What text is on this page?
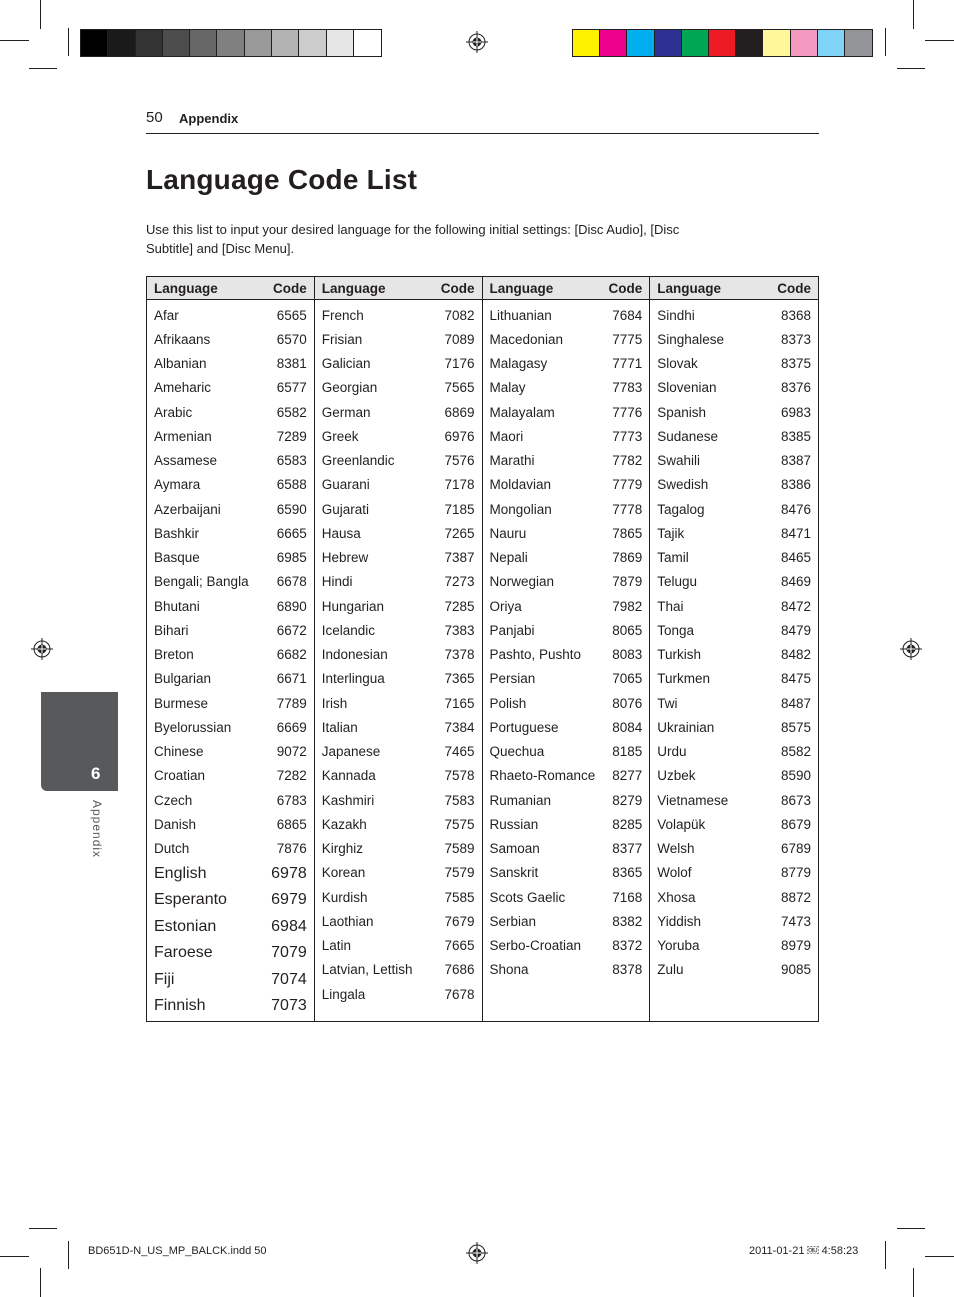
50 Appendix
Language Code List

Use this list to input your desired language for the following initial settings: [Disc Audio], [Disc Subtitle] and [Disc Menu].

Language	Code
Afar	6565
Afrikaans	6570
Albanian	8381
Ameharic	6577
Arabic	6582
Armenian	7289
Assamese	6583
Aymara	6588
Azerbaijani	6590
Bashkir	6665
Basque	6985
Bengali; Bangla 6678
Bhutani	6890
Bihari	6672
Breton	6682
Bulgarian	6671
Burmese	7789
Byelorussian	6669
Chinese	9072
Croatian	7282
Czech	6783
Danish	6865
Dutch	7876
English	6978
Esperanto	6979
Estonian	6984
Faroese	7079
Fiji	7074
Finnish	7073
Language	Code
French	7082
Frisian	7089
Galician	7176
Georgian	7565
German	6869
Greek	6976
Greenlandic	7576
Guarani	7178
Gujarati	7185
Hausa	7265
Hebrew	7387
Hindi	7273
Hungarian	7285
Icelandic	7383
Indonesian	7378
Interlingua	7365
Irish	7165
Italian	7384
Japanese	7465
Kannada	7578
Kashmiri	7583
Kazakh	7575
Kirghiz	7589
Korean	7579
Kurdish	7585
Laothian	7679
Latin	7665
Latvian, Lettish 7686
Lingala	7678
Language	Code
Lithuanian	7684
Macedonian	7775
Malagasy	7771
Malay	7783
Malayalam	7776
Maori	7773
Marathi	7782
Moldavian	7779
Mongolian	7778
Nauru	7865
Nepali	7869
Norwegian	7879
Oriya	7982
Panjabi	8065
Pashto, Pushto 8083
Persian	7065
Polish	8076
Portuguese	8084
Quechua	8185
Rhaeto-Romance 8277
Rumanian	8279
Russian	8285
Samoan	8377
Sanskrit	8365
Scots Gaelic	7168
Serbian	8382
Serbo-Croatian 8372
Shona	8378
Language	Code
Sindhi	8368
Singhalese	8373
Slovak	8375
Slovenian	8376
Spanish	6983
Sudanese	8385
Swahili	8387
Swedish	8386
Tagalog	8476
Tajik	8471
Tamil	8465
Telugu	8469
Thai	8472
Tonga	8479
Turkish	8482
Turkmen	8475
Twi	8487
Ukrainian	8575
Urdu	8582
Uzbek	8590
Vietnamese	8673
Volapük	8679
Welsh	6789
Wolof	8779
Xhosa	8872
Yiddish	7473
Yoruba	8979
Zulu	9085
6
Appendix
BD651D-N_US_MP_BALCK.indd 50	2011-01-21 ￼ 4:58:23
